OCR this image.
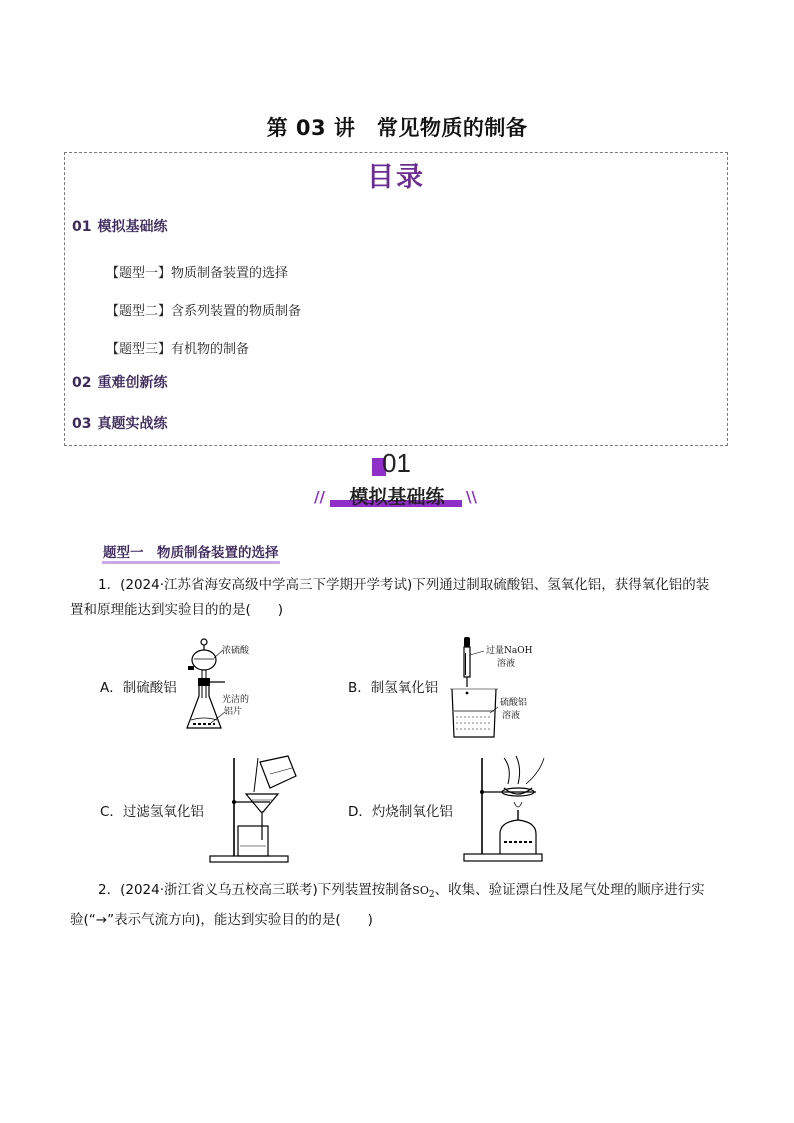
第 03 讲　常见物质的制备
目录
01 模拟基础练
【题型一】物质制备装置的选择
【题型二】含系列装置的物质制备
【题型三】有机物的制备
02 重难创新练
03 真题实战练
01
//	\\
模拟基础练
题型一　物质制备装置的选择
1．(2024·江苏省海安高级中学高三下学期开学考试)下列通过制取硫酸铝、氢氧化铝，获得氧化铝的装
置和原理能达到实验目的的是(　　)
A．制硫酸铝
浓硫酸
光洁的
铝片
B．制氢氧化铝
过量NaOH
溶液
硫酸铝
溶液
C．过滤氢氧化铝	D．灼烧制氧化铝
2．(2024·浙江省义乌五校高三联考)下列装置按制备$SO_2$、收集、验证漂白性及尾气处理的顺序进行实
验(“→”表示气流方向)，能达到实验目的的是(　　)
